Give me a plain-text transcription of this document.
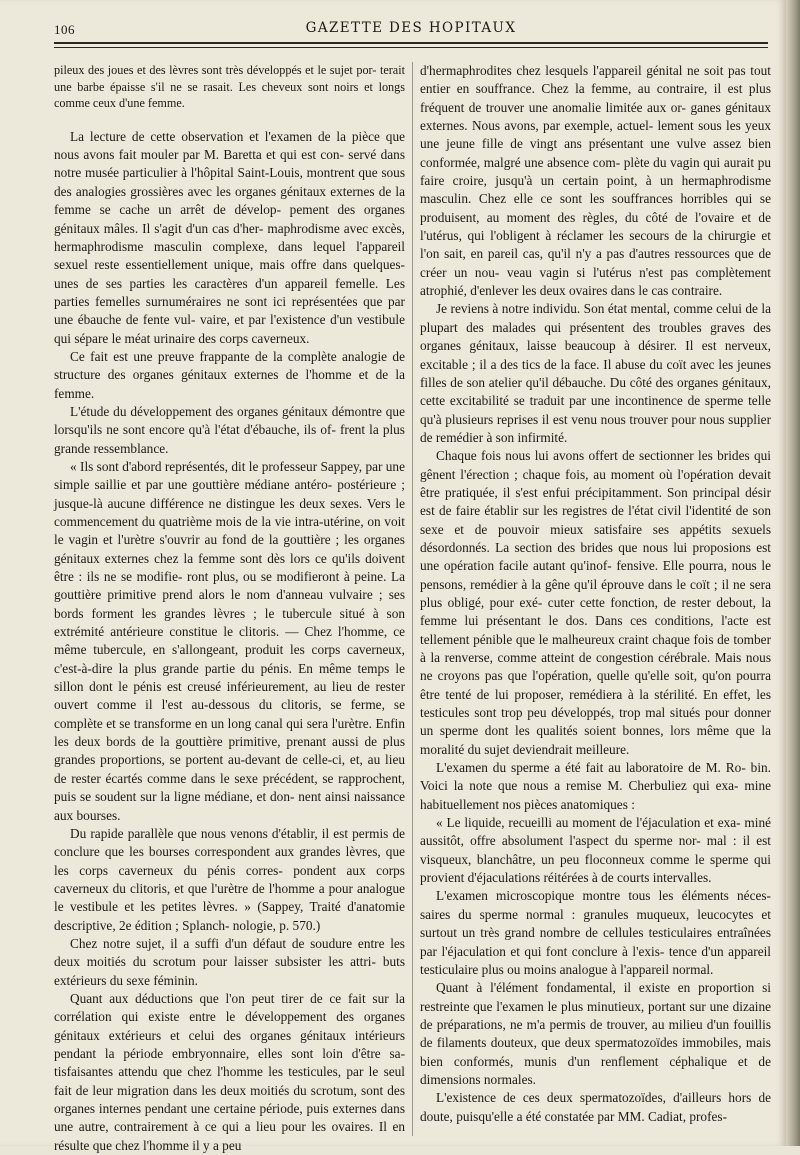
106	GAZETTE DES HOPITAUX

pileux des joues et des lèvres sont très développés et le sujet por- terait une barbe épaisse s'il ne se rasait. Les cheveux sont noirs et longs comme ceux d'une femme.

La lecture de cette observation et l'examen de la pièce que nous avons fait mouler par M. Baretta et qui est con- servé dans notre musée particulier à l'hôpital Saint-Louis, montrent que sous des analogies grossières avec les organes génitaux externes de la femme se cache un arrêt de dévelop- pement des organes génitaux mâles. Il s'agit d'un cas d'her- maphrodisme avec excès, hermaphrodisme masculin complexe, dans lequel l'appareil sexuel reste essentiellement unique, mais offre dans quelques-unes de ses parties les caractères d'un appareil femelle. Les parties femelles surnuméraires ne sont ici représentées que par une ébauche de fente vul- vaire, et par l'existence d'un vestibule qui sépare le méat urinaire des corps caverneux.

Ce fait est une preuve frappante de la complète analogie de structure des organes génitaux externes de l'homme et de la femme.

L'étude du développement des organes génitaux démontre que lorsqu'ils ne sont encore qu'à l'état d'ébauche, ils of- frent la plus grande ressemblance.

« Ils sont d'abord représentés, dit le professeur Sappey, par une simple saillie et par une gouttière médiane antéro- postérieure ; jusque-là aucune différence ne distingue les deux sexes. Vers le commencement du quatrième mois de la vie intra-utérine, on voit le vagin et l'urètre s'ouvrir au fond de la gouttière ; les organes génitaux externes chez la femme sont dès lors ce qu'ils doivent être : ils ne se modifie- ront plus, ou se modifieront à peine. La gouttière primitive prend alors le nom d'anneau vulvaire ; ses bords forment les grandes lèvres ; le tubercule situé à son extrémité antérieure constitue le clitoris. — Chez l'homme, ce même tubercule, en s'allongeant, produit les corps caverneux, c'est-à-dire la plus grande partie du pénis. En même temps le sillon dont le pénis est creusé inférieurement, au lieu de rester ouvert comme il l'est au-dessous du clitoris, se ferme, se complète et se transforme en un long canal qui sera l'urètre. Enfin les deux bords de la gouttière primitive, prenant aussi de plus grandes proportions, se portent au-devant de celle-ci, et, au lieu de rester écartés comme dans le sexe précédent, se rapprochent, puis se soudent sur la ligne médiane, et don- nent ainsi naissance aux bourses.

Du rapide parallèle que nous venons d'établir, il est permis de conclure que les bourses correspondent aux grandes lèvres, que les corps caverneux du pénis corres- pondent aux corps caverneux du clitoris, et que l'urètre de l'homme a pour analogue le vestibule et les petites lèvres. » (Sappey, Traité d'anatomie descriptive, 2e édition ; Splanch- nologie, p. 570.)

Chez notre sujet, il a suffi d'un défaut de soudure entre les deux moitiés du scrotum pour laisser subsister les attri- buts extérieurs du sexe féminin.

Quant aux déductions que l'on peut tirer de ce fait sur la corrélation qui existe entre le développement des organes génitaux extérieurs et celui des organes génitaux intérieurs pendant la période embryonnaire, elles sont loin d'être sa- tisfaisantes attendu que chez l'homme les testicules, par le seul fait de leur migration dans les deux moitiés du scrotum, sont des organes internes pendant une certaine période, puis externes dans une autre, contrairement à ce qui a lieu pour les ovaires. Il en résulte que chez l'homme il y a peu

d'hermaphrodites chez lesquels l'appareil génital ne soit pas tout entier en souffrance. Chez la femme, au contraire, il est plus fréquent de trouver une anomalie limitée aux or- ganes génitaux externes. Nous avons, par exemple, actuel- lement sous les yeux une jeune fille de vingt ans présentant une vulve assez bien conformée, malgré une absence com- plète du vagin qui aurait pu faire croire, jusqu'à un certain point, à un hermaphrodisme masculin. Chez elle ce sont les souffrances horribles qui se produisent, au moment des règles, du côté de l'ovaire et de l'utérus, qui l'obligent à réclamer les secours de la chirurgie et l'on sait, en pareil cas, qu'il n'y a pas d'autres ressources que de créer un nou- veau vagin si l'utérus n'est pas complètement atrophié, d'enlever les deux ovaires dans le cas contraire.

Je reviens à notre individu. Son état mental, comme celui de la plupart des malades qui présentent des troubles graves des organes génitaux, laisse beaucoup à désirer. Il est nerveux, excitable ; il a des tics de la face. Il abuse du coït avec les jeunes filles de son atelier qu'il débauche. Du côté des organes génitaux, cette excitabilité se traduit par une incontinence de sperme telle qu'à plusieurs reprises il est venu nous trouver pour nous supplier de remédier à son infirmité.

Chaque fois nous lui avons offert de sectionner les brides qui gênent l'érection ; chaque fois, au moment où l'opération devait être pratiquée, il s'est enfui précipitamment. Son principal désir est de faire établir sur les registres de l'état civil l'identité de son sexe et de pouvoir mieux satisfaire ses appétits sexuels désordonnés. La section des brides que nous lui proposions est une opération facile autant qu'inof- fensive. Elle pourra, nous le pensons, remédier à la gêne qu'il éprouve dans le coït ; il ne sera plus obligé, pour exé- cuter cette fonction, de rester debout, la femme lui présentant le dos. Dans ces conditions, l'acte est tellement pénible que le malheureux craint chaque fois de tomber à la renverse, comme atteint de congestion cérébrale. Mais nous ne croyons pas que l'opération, quelle qu'elle soit, qu'on pourra être tenté de lui proposer, remédiera à la stérilité. En effet, les testicules sont trop peu développés, trop mal situés pour donner un sperme dont les qualités soient bonnes, lors même que la moralité du sujet deviendrait meilleure.

L'examen du sperme a été fait au laboratoire de M. Ro- bin. Voici la note que nous a remise M. Cherbuliez qui exa- mine habituellement nos pièces anatomiques :

« Le liquide, recueilli au moment de l'éjaculation et exa- miné aussitôt, offre absolument l'aspect du sperme nor- mal : il est visqueux, blanchâtre, un peu floconneux comme le sperme qui provient d'éjaculations réitérées à de courts intervalles.

L'examen microscopique montre tous les éléments néces- saires du sperme normal : granules muqueux, leucocytes et surtout un très grand nombre de cellules testiculaires entraînées par l'éjaculation et qui font conclure à l'exis- tence d'un appareil testiculaire plus ou moins analogue à l'appareil normal.

Quant à l'élément fondamental, il existe en proportion si restreinte que l'examen le plus minutieux, portant sur une dizaine de préparations, ne m'a permis de trouver, au milieu d'un fouillis de filaments douteux, que deux spermatozoïdes immobiles, mais bien conformés, munis d'un renflement céphalique et de dimensions normales.

L'existence de ces deux spermatozoïdes, d'ailleurs hors de doute, puisqu'elle a été constatée par MM. Cadiat, profes-
